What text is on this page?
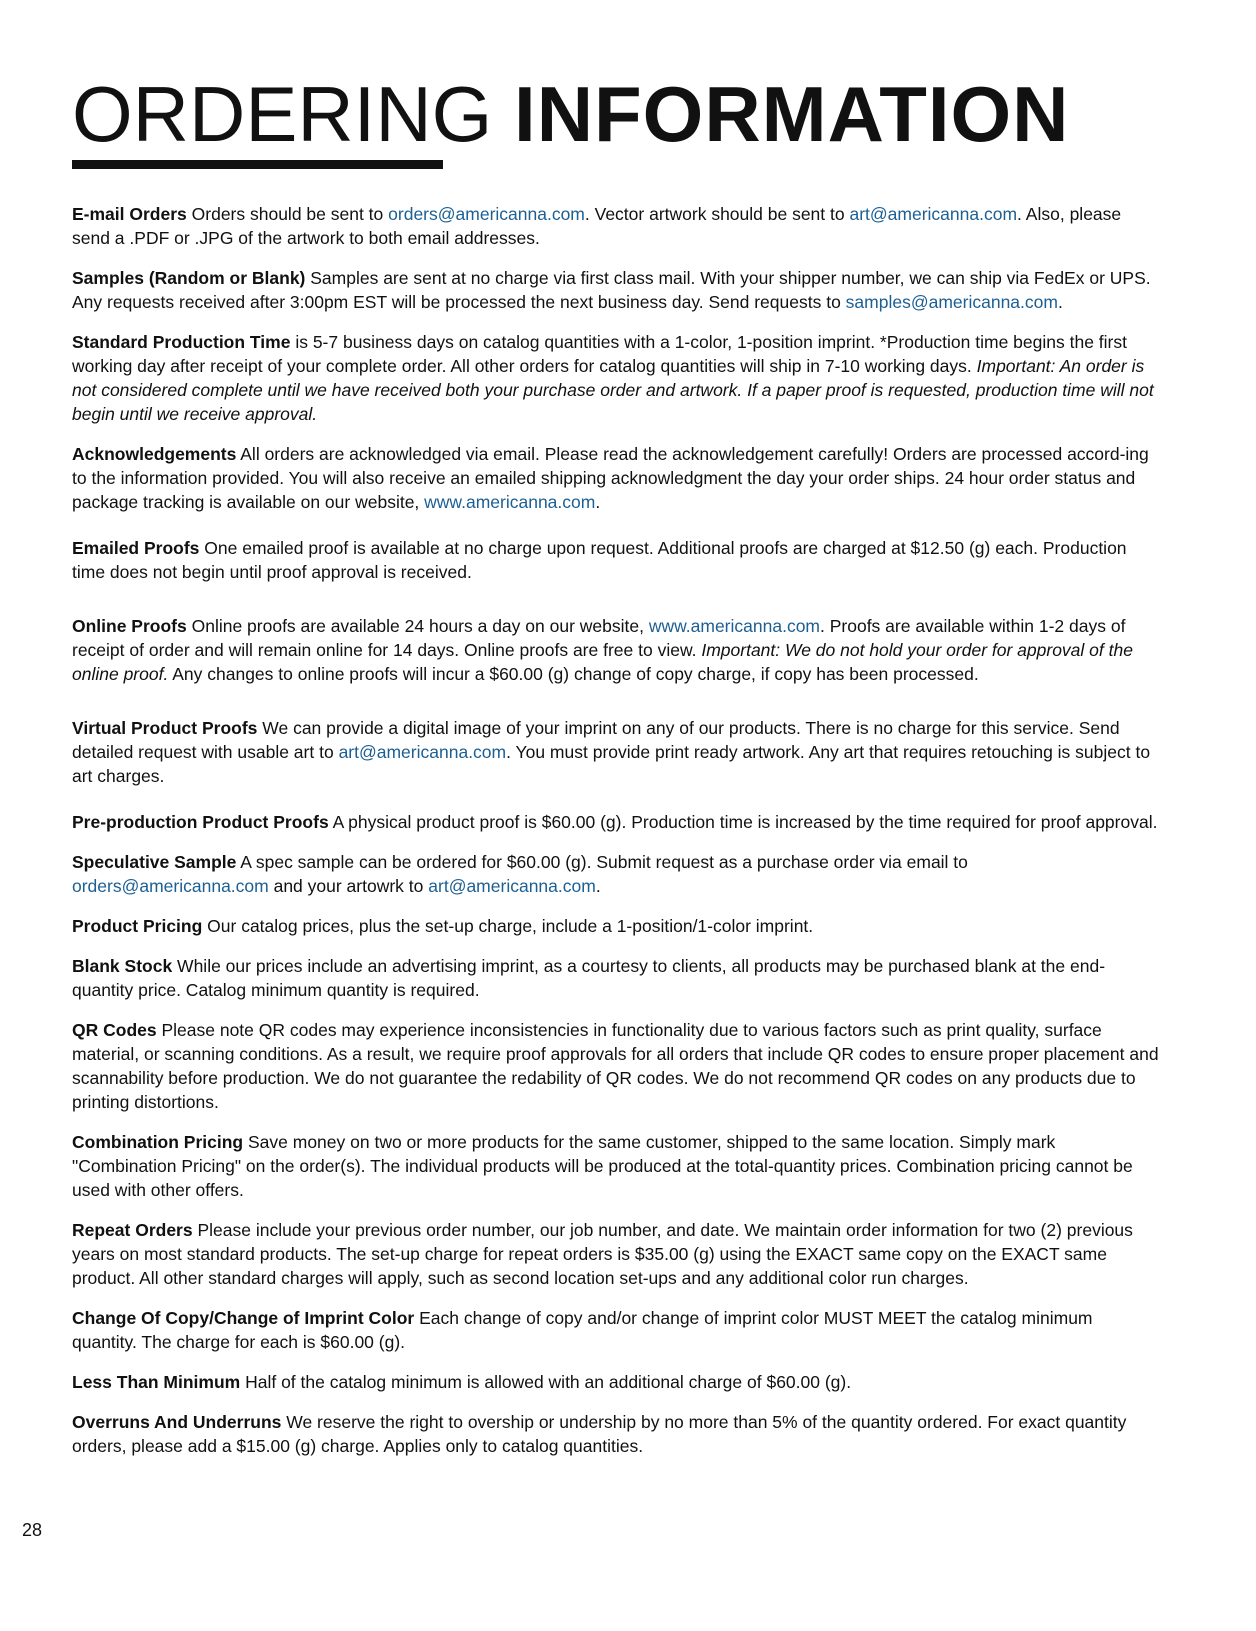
ORDERING INFORMATION

E-mail Orders Orders should be sent to orders@americanna.com. Vector artwork should be sent to art@americanna.com. Also, please send a .PDF or .JPG of the artwork to both email addresses.

Samples (Random or Blank) Samples are sent at no charge via first class mail. With your shipper number, we can ship via FedEx or UPS. Any requests received after 3:00pm EST will be processed the next business day. Send requests to samples@americanna.com.

Standard Production Time is 5-7 business days on catalog quantities with a 1-color, 1-position imprint. *Production time begins the first working day after receipt of your complete order. All other orders for catalog quantities will ship in 7-10 working days. Important: An order is not considered complete until we have received both your purchase order and artwork. If a paper proof is requested, production time will not begin until we receive approval.

Acknowledgements All orders are acknowledged via email. Please read the acknowledgement carefully! Orders are processed accord-ing to the information provided. You will also receive an emailed shipping acknowledgment the day your order ships. 24 hour order status and package tracking is available on our website, www.americanna.com.

Emailed Proofs One emailed proof is available at no charge upon request. Additional proofs are charged at $12.50 (g) each. Production time does not begin until proof approval is received.

Online Proofs Online proofs are available 24 hours a day on our website, www.americanna.com. Proofs are available within 1-2 days of receipt of order and will remain online for 14 days. Online proofs are free to view. Important: We do not hold your order for approval of the online proof. Any changes to online proofs will incur a $60.00 (g) change of copy charge, if copy has been processed.

Virtual Product Proofs We can provide a digital image of your imprint on any of our products. There is no charge for this service. Send detailed request with usable art to art@americanna.com. You must provide print ready artwork. Any art that requires retouching is subject to art charges.

Pre-production Product Proofs A physical product proof is $60.00 (g). Production time is increased by the time required for proof approval.

Speculative Sample A spec sample can be ordered for $60.00 (g). Submit request as a purchase order via email to orders@americanna.com and your artowrk to art@americanna.com.

Product Pricing Our catalog prices, plus the set-up charge, include a 1-position/1-color imprint.

Blank Stock While our prices include an advertising imprint, as a courtesy to clients, all products may be purchased blank at the end-quantity price. Catalog minimum quantity is required.

QR Codes Please note QR codes may experience inconsistencies in functionality due to various factors such as print quality, surface material, or scanning conditions. As a result, we require proof approvals for all orders that include QR codes to ensure proper placement and scannability before production. We do not guarantee the redability of QR codes. We do not recommend QR codes on any products due to printing distortions.

Combination Pricing Save money on two or more products for the same customer, shipped to the same location. Simply mark "Combination Pricing" on the order(s). The individual products will be produced at the total-quantity prices. Combination pricing cannot be used with other offers.

Repeat Orders Please include your previous order number, our job number, and date. We maintain order information for two (2) previous years on most standard products. The set-up charge for repeat orders is $35.00 (g) using the EXACT same copy on the EXACT same product. All other standard charges will apply, such as second location set-ups and any additional color run charges.

Change Of Copy/Change of Imprint Color Each change of copy and/or change of imprint color MUST MEET the catalog minimum quantity. The charge for each is $60.00 (g).

Less Than Minimum Half of the catalog minimum is allowed with an additional charge of $60.00 (g).

Overruns And Underruns We reserve the right to overship or undership by no more than 5% of the quantity ordered. For exact quantity orders, please add a $15.00 (g) charge. Applies only to catalog quantities.

28
